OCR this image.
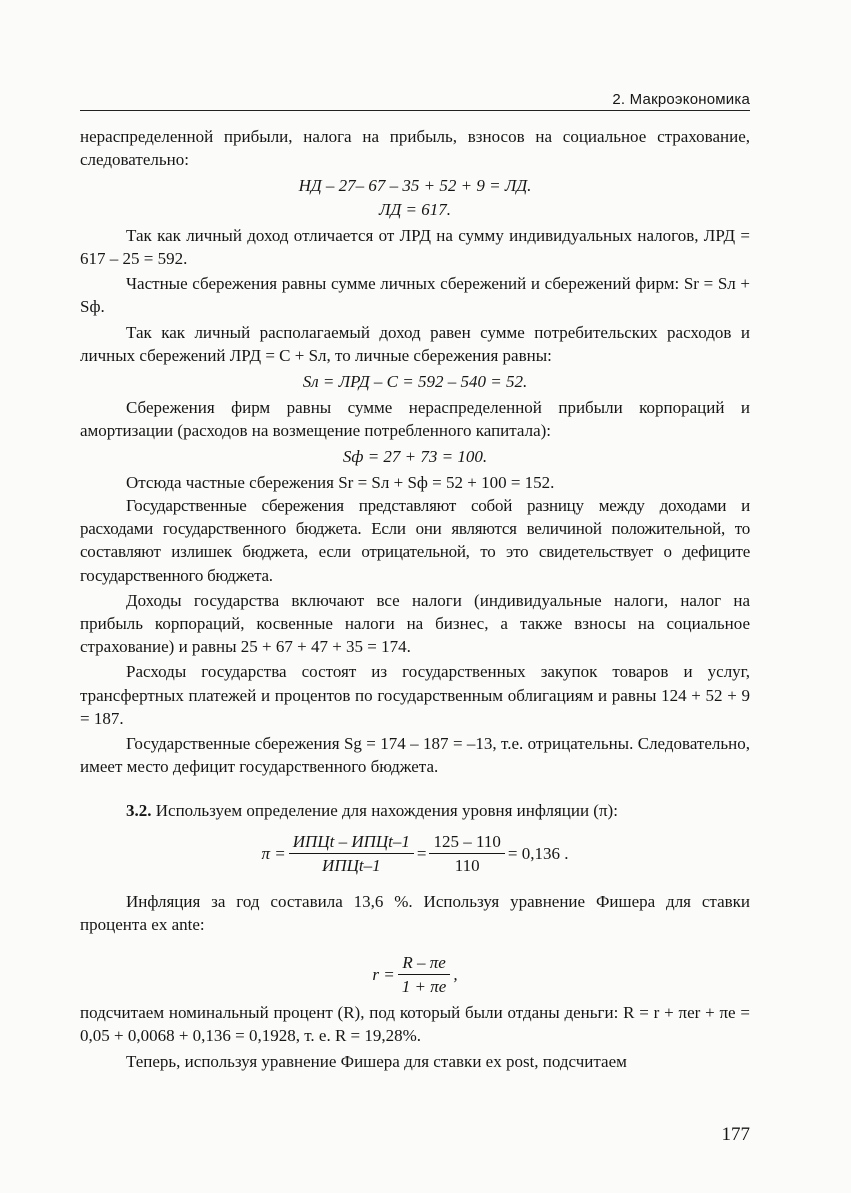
2. Макроэкономика

нераспределенной прибыли, налога на прибыль, взносов на социальное страхование, следовательно:

НД – 27– 67 – 35 + 52 + 9 = ЛД.

ЛД = 617.

Так как личный доход отличается от ЛРД на сумму индивидуальных налогов, ЛРД = 617 – 25 = 592.

Частные сбережения равны сумме личных сбережений и сбережений фирм: Sr = Sл + Sф.

Так как личный располагаемый доход равен сумме потребительских расходов и личных сбережений ЛРД = C + Sл, то личные сбережения равны:

Sл = ЛРД – C = 592 – 540 = 52.

Сбережения фирм равны сумме нераспределенной прибыли корпораций и амортизации (расходов на возмещение потребленного капитала):

Sф = 27 + 73 = 100.

Отсюда частные сбережения Sr = Sл + Sф = 52 + 100 = 152.

Государственные сбережения представляют собой разницу между доходами и расходами государственного бюджета. Если они являются величиной положительной, то составляют излишек бюджета, если отрицательной, то это свидетельствует о дефиците государственного бюджета.

Доходы государства включают все налоги (индивидуальные налоги, налог на прибыль корпораций, косвенные налоги на бизнес, а также взносы на социальное страхование) и равны 25 + 67 + 47 + 35 = 174.

Расходы государства состоят из государственных закупок товаров и услуг, трансфертных платежей и процентов по государственным облигациям и равны 124 + 52 + 9 = 187.

Государственные сбережения Sg = 174 – 187 = –13, т.е. отрицательны. Следовательно, имеет место дефицит государственного бюджета.

3.2. Используем определение для нахождения уровня инфляции (π):

$\pi = \frac{\text{ИПЦt – ИПЦt–1}}{\text{ИПЦt–1}} = \frac{125 - 110}{110} = 0,136$ .

Инфляция за год составила 13,6 %. Используя уравнение Фишера для ставки процента ex ante:

$r = \frac{R - \pi e}{1 + \pi e}$ ,

подсчитаем номинальный процент (R), под который были отданы деньги: R = r + πer + πe = 0,05 + 0,0068 + 0,136 = 0,1928, т. е. R = 19,28%.

Теперь, используя уравнение Фишера для ставки ex post, подсчитаем

177
